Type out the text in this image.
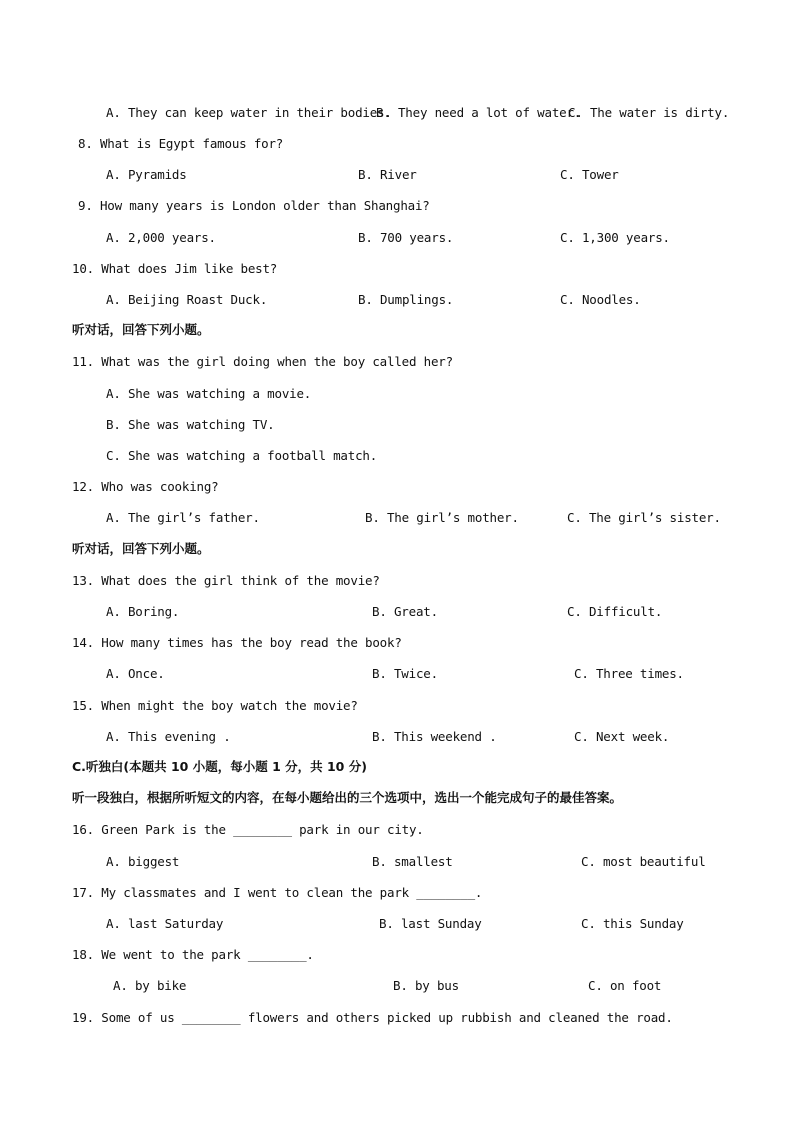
A. They can keep water in their bodies.
B. They need a lot of water.
C. The water is dirty.
8. What is Egypt famous for?
A. Pyramids	B. River	C. Tower
9. How many years is London older than Shanghai?
A. 2,000 years.	B. 700 years.	C. 1,300 years.
10. What does Jim like best?
A. Beijing Roast Duck.	B. Dumplings.	C. Noodles.
听对话，回答下列小题。
11. What was the girl doing when the boy called her?
A. She was watching a movie.
B. She was watching TV.
C. She was watching a football match.
12. Who was cooking?
A. The girl’s father.	B. The girl’s mother.	C. The girl’s sister.
听对话，回答下列小题。
13. What does the girl think of the movie?
A. Boring.	B. Great.	C. Difficult.
14. How many times has the boy read the book?
A. Once.	B. Twice.	C. Three times.
15. When might the boy watch the movie?
A. This evening .	B. This weekend .	C. Next week.
C.听独白(本题共 10 小题，每小题 1 分，共 10 分)
听一段独白，根据所听短文的内容，在每小题给出的三个选项中，选出一个能完成句子的最佳答案。
16. Green Park is the ________ park in our city.
A. biggest	B. smallest	C. most beautiful
17. My classmates and I went to clean the park ________.
A. last Saturday	B. last Sunday	C. this Sunday
18. We went to the park ________.
A. by bike	B. by bus	C. on foot
19. Some of us ________ flowers and others picked up rubbish and cleaned the road.
